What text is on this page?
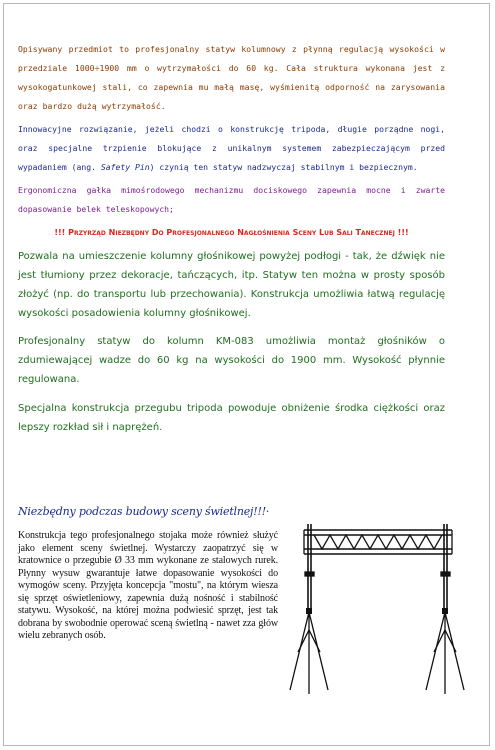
Opisywany przedmiot to profesjonalny statyw kolumnowy z płynną regulacją wysokości w przedziale 1000÷1900 mm o wytrzymałości do 60 kg. Cała struktura wykonana jest z wysokogatunkowej stali, co zapewnia mu małą masę, wyśmienitą odporność na zarysowania oraz bardzo dużą wytrzymałość.

Innowacyjne rozwiązanie, jeżeli chodzi o konstrukcję tripoda, długie porządne nogi, oraz specjalne trzpienie blokujące z unikalnym systemem zabezpieczającym przed wypadaniem (ang. Safety Pin) czynią ten statyw nadzwyczaj stabilnym i bezpiecznym.

Ergonomiczna gałka mimośrodowego mechanizmu dociskowego zapewnia mocne i zwarte dopasowanie belek teleskopowych;

!!! Przyrząd Niezbędny Do Profesjonalnego Nagłośnienia Sceny Lub Sali Tanecznej !!!

Pozwala na umieszczenie kolumny głośnikowej powyżej podłogi - tak, że dźwięk nie jest tłumiony przez dekoracje, tańczących, itp. Statyw ten można w prosty sposób złożyć (np. do transportu lub przechowania). Konstrukcja umożliwia łatwą regulację wysokości posadowienia kolumny głośnikowej.

Profesjonalny statyw do kolumn KM-083 umożliwia montaż głośników o zdumiewającej wadze do 60 kg na wysokości do 1900 mm. Wysokość płynnie regulowana.

Specjalna konstrukcja przegubu tripoda powoduje obniżenie środka ciężkości oraz lepszy rozkład sił i naprężeń.

Niezbędny podczas budowy sceny świetlnej!!!·

Konstrukcja tego profesjonalnego stojaka może również służyć jako element sceny świetlnej. Wystarczy zaopatrzyć się w kratownice o przegubie Ø 33 mm wykonane ze stalowych rurek. Płynny wysuw gwarantuje łatwe dopasowanie wysokości do wymogów sceny. Przyjęta koncepcja "mostu", na którym wiesza się sprzęt oświetleniowy, zapewnia dużą nośność i stabilność statywu. Wysokość, na której można podwiesić sprzęt, jest tak dobrana by swobodnie operować sceną świetlną - nawet zza głów wielu zebranych osób.
